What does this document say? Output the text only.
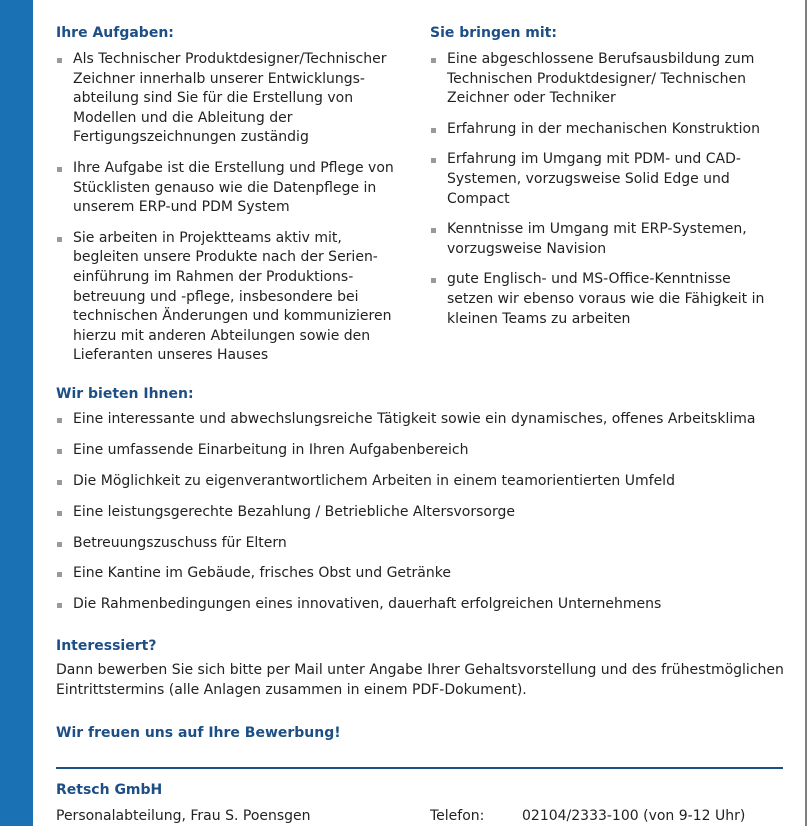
Ihre Aufgaben:
Als Technischer Produktdesigner/Technischer Zeichner innerhalb unserer Entwicklungs-abteilung sind Sie für die Erstellung von Modellen und die Ableitung der Fertigungszeichnungen zuständig
Ihre Aufgabe ist die Erstellung und Pflege von Stücklisten genauso wie die Datenpflege in unserem ERP-und PDM System
Sie arbeiten in Projektteams aktiv mit, begleiten unsere Produkte nach der Serien-einführung im Rahmen der Produktions-betreuung und -pflege, insbesondere bei technischen Änderungen und kommunizieren hierzu mit anderen Abteilungen sowie den Lieferanten unseres Hauses
Sie bringen mit:
Eine abgeschlossene Berufsausbildung zum Technischen Produktdesigner/ Technischen Zeichner oder Techniker
Erfahrung in der mechanischen Konstruktion
Erfahrung im Umgang mit PDM- und CAD-Systemen, vorzugsweise Solid Edge und Compact
Kenntnisse im Umgang mit ERP-Systemen, vorzugsweise Navision
gute Englisch- und MS-Office-Kenntnisse setzen wir ebenso voraus wie die Fähigkeit in kleinen Teams zu arbeiten
Wir bieten Ihnen:
Eine interessante und abwechslungsreiche Tätigkeit sowie ein dynamisches, offenes Arbeitsklima
Eine umfassende Einarbeitung in Ihren Aufgabenbereich
Die Möglichkeit zu eigenverantwortlichem Arbeiten in einem teamorientierten Umfeld
Eine leistungsgerechte Bezahlung / Betriebliche Altersvorsorge
Betreuungszuschuss für Eltern
Eine Kantine im Gebäude, frisches Obst und Getränke
Die Rahmenbedingungen eines innovativen, dauerhaft erfolgreichen Unternehmens
Interessiert?

Dann bewerben Sie sich bitte per Mail unter Angabe Ihrer Gehaltsvorstellung und des frühestmöglichen Eintrittstermins (alle Anlagen zusammen in einem PDF-Dokument).

Wir freuen uns auf Ihre Bewerbung!
Retsch GmbH
Personalabteilung, Frau S. Poensgen	Telefon:	02104/2333-100 (von 9-12 Uhr)
